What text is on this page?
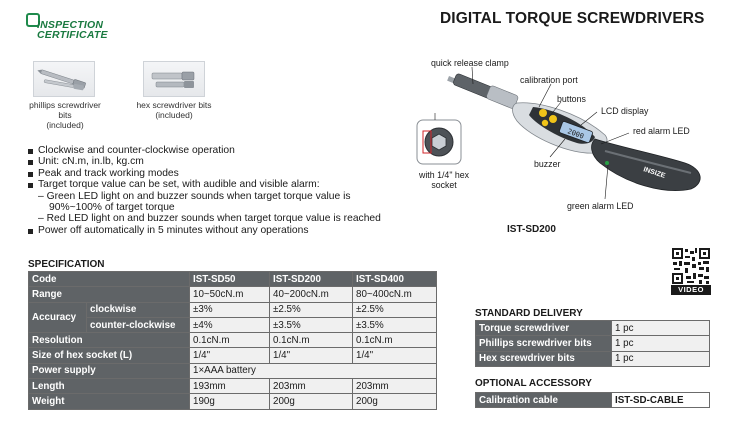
INSPECTION
CERTIFICATE
DIGITAL TORQUE SCREWDRIVERS
phillips screwdriver bits
(included)
hex screwdriver bits
(included)
Clockwise and counter-clockwise operation
Unit: cN.m, in.lb, kg.cm
Peak and track working modes
Target torque value can be set, with audible and visible alarm:
– Green LED light on and buzzer sounds when target torque value is
90%~100% of target torque
– Red LED light on and buzzer sounds when target torque value is reached
Power off automatically in 5 minutes without any operations
2000
INSIZE
quick release clamp
calibration port
buttons
LCD display
red alarm LED
with 1/4" hex
socket
buzzer
green alarm LED
IST-SD200
VIDEO
SPECIFICATION
Code		IST-SD50	IST-SD200	IST-SD400
Range		10~50cN.m	40~200cN.m	80~400cN.m
Accuracy	clockwise	±3%	±2.5%	±2.5%
	counter-clockwise	±4%	±3.5%	±3.5%
Resolution		0.1cN.m	0.1cN.m	0.1cN.m
Size of hex socket (L)		1/4"	1/4"	1/4"
Power supply		1×AAA battery		
Length		193mm	203mm	203mm
Weight		190g	200g	200g
STANDARD DELIVERY
Torque screwdriver	1 pc
Phillips screwdriver bits	1 pc
Hex screwdriver bits	1 pc
OPTIONAL ACCESSORY
Calibration cable	IST-SD-CABLE
